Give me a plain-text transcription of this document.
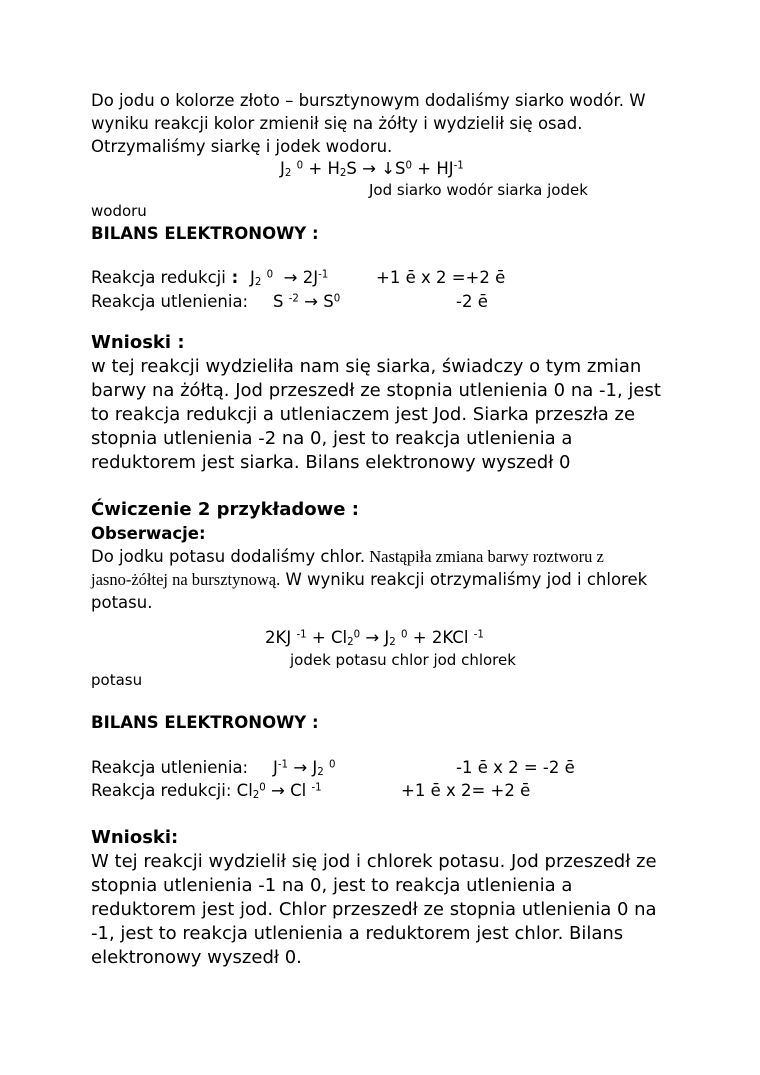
Do jodu o kolorze złoto – bursztynowym dodaliśmy siarko wodór. W
wyniku reakcji kolor zmienił się na żółty i wydzielił się osad.
Otrzymaliśmy siarkę i jodek wodoru.
$J_2$ $^0 + H_2S$ → $↓S^0 + HJ^{-1}$
Jod siarko wodór siarka jodek
wodoru
BILANS ELEKTRONOWY :
Reakcja redukcji : $J_2$ $^0 \to 2J^{-1}$	+1 ē x 2 =+2 ē
Reakcja utlenienia: S $^{-2} \to S^0$	-2 ē
Wnioski :
w tej reakcji wydzieliła nam się siarka, świadczy o tym zmian
barwy na żółtą. Jod przeszedł ze stopnia utlenienia 0 na -1, jest
to reakcja redukcji a utleniaczem jest Jod. Siarka przeszła ze
stopnia utlenienia -2 na 0, jest to reakcja utlenienia a
reduktorem jest siarka. Bilans elektronowy wyszedł 0
Ćwiczenie 2 przykładowe :
Obserwacje:
Do jodku potasu dodaliśmy chlor. Nastąpiła zmiana barwy roztworu z
jasno-żółtej na bursztynową. W wyniku reakcji otrzymaliśmy jod i chlorek
potasu.
2KJ $^{-1} + Cl_2^0 \to J_2$ $^0$ + 2KCl $^{-1}$
jodek potasu chlor jod chlorek
potasu
BILANS ELEKTRONOWY :
Reakcja utlenienia: $J^{-1} \to J_2$ $^0$	-1 ē x 2 = -2 ē
Reakcja redukcji: $Cl_2^0 \to Cl$ $^{-1}$	+1 ē x 2= +2 ē
Wnioski:
W tej reakcji wydzielił się jod i chlorek potasu. Jod przeszedł ze
stopnia utlenienia -1 na 0, jest to reakcja utlenienia a
reduktorem jest jod. Chlor przeszedł ze stopnia utlenienia 0 na
-1, jest to reakcja utlenienia a reduktorem jest chlor. Bilans
elektronowy wyszedł 0.
